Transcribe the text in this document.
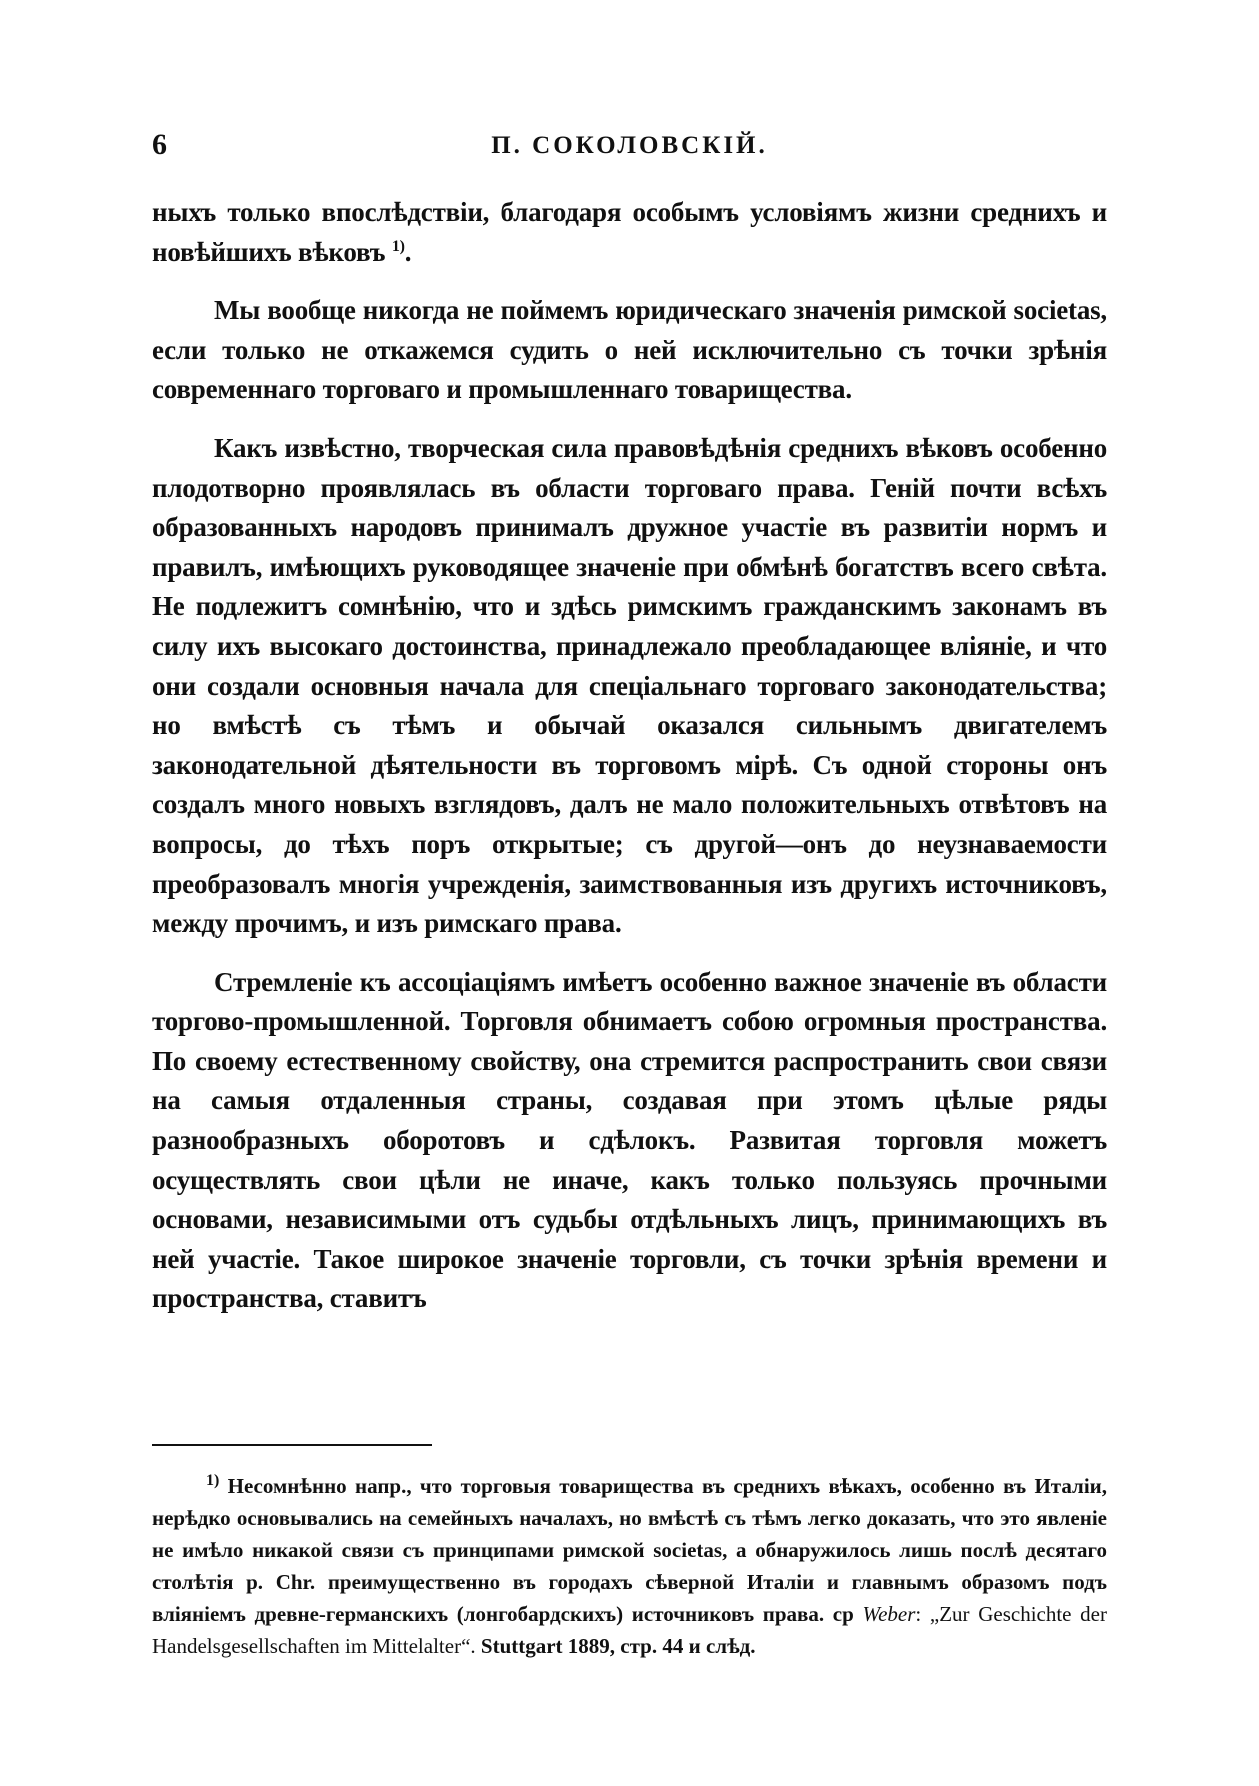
6	П. СОКОЛОВСКІЙ.

ныхъ только впослѣдствіи, благодаря особымъ условіямъ жизни среднихъ и новѣйшихъ вѣковъ $^{1)}$.

Мы вообще никогда не поймемъ юридическаго значенія римской societas, если только не откажемся судить о ней исключительно съ точки зрѣнія современнаго торговаго и промышленнаго товарищества.

Какъ извѣстно, творческая сила правовѣдѣнія среднихъ вѣковъ особенно плодотворно проявлялась въ области торговаго права. Геній почти всѣхъ образованныхъ народовъ принималъ дружное участіе въ развитіи нормъ и правилъ, имѣющихъ руководящее значеніе при обмѣнѣ богатствъ всего свѣта. Не подлежитъ сомнѣнію, что и здѣсь римскимъ гражданскимъ законамъ въ силу ихъ высокаго достоинства, принадлежало преобладающее вліяніе, и что они создали основныя начала для спеціальнаго торговаго законодательства; но вмѣстѣ съ тѣмъ и обычай оказался сильнымъ двигателемъ законодательной дѣятельности въ торговомъ мірѣ. Съ одной стороны онъ создалъ много новыхъ взглядовъ, далъ не мало положительныхъ отвѣтовъ на вопросы, до тѣхъ поръ открытые; съ другой—онъ до неузнаваемости преобразовалъ многія учрежденія, заимствованныя изъ другихъ источниковъ, между прочимъ, и изъ римскаго права.

Стремленіе къ ассоціаціямъ имѣетъ особенно важное значеніе въ области торгово-промышленной. Торговля обнимаетъ собою огромныя пространства. По своему естественному свойству, она стремится распространить свои связи на самыя отдаленныя страны, создавая при этомъ цѣлые ряды разнообразныхъ оборотовъ и сдѣлокъ. Развитая торговля можетъ осуществлять свои цѣли не иначе, какъ только пользуясь прочными основами, независимыми отъ судьбы отдѣльныхъ лицъ, принимающихъ въ ней участіе. Такое широкое значеніе торговли, съ точки зрѣнія времени и пространства, ставитъ

$^{1)}$ Несомнѣнно напр., что торговыя товарищества въ среднихъ вѣкахъ, особенно въ Италіи, нерѣдко основывались на семейныхъ началахъ, но вмѣстѣ съ тѣмъ легко доказать, что это явленіе не имѣло никакой связи съ принципами римской societas, а обнаружилось лишь послѣ десятаго столѣтія р. Chr. преимущественно въ городахъ сѣверной Италіи и главнымъ образомъ подъ вліяніемъ древне-германскихъ (лонгобардскихъ) источниковъ права. ср Weber: „Zur Geschichte der Handelsgesellschaften im Mittelalter“. Stuttgart 1889, стр. 44 и слѣд.
